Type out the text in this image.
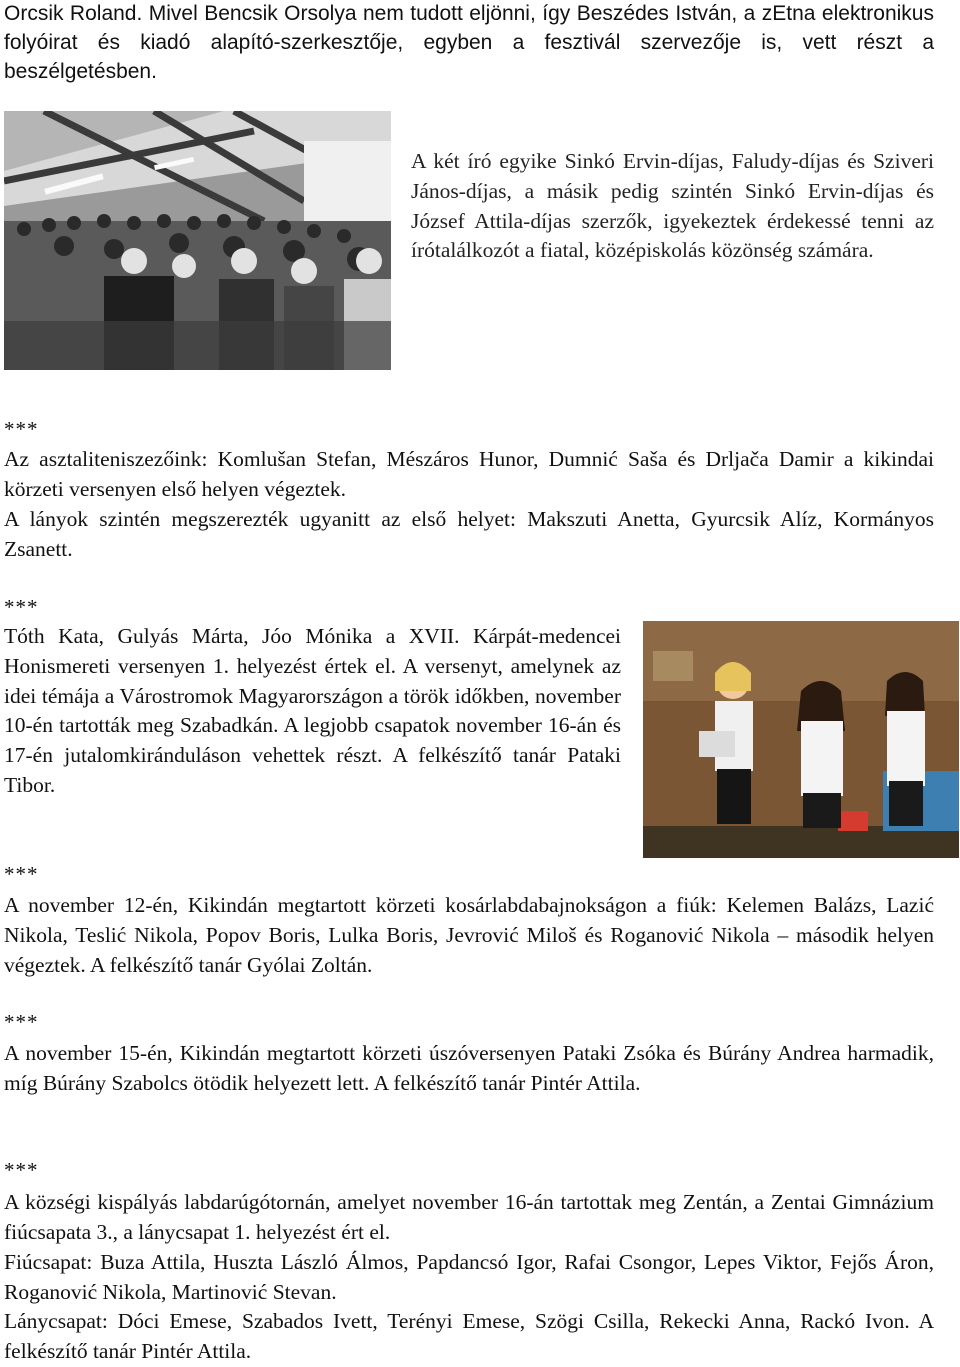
Orcsik Roland. Mivel Bencsik Orsolya nem tudott eljönni, így Beszédes István, a zEtna elektronikus folyóirat és kiadó alapító-szerkesztője, egyben a fesztivál szervezője is, vett részt a beszélgetésben.

A két író egyike Sinkó Ervin-díjas, Faludy-díjas és Sziveri János-díjas, a másik pedig szintén Sinkó Ervin-díjas és József Attila-díjas szerzők, igyekeztek érdekessé tenni az írótalálkozót a fiatal, középiskolás közönség számára.

***

Az asztaliteniszezőink: Komlušan Stefan, Mészáros Hunor, Dumnić Saša és Drljača Damir a kikindai körzeti versenyen első helyen végeztek.

A lányok szintén megszerezték ugyanitt az első helyet: Makszuti Anetta, Gyurcsik Alíz, Kormányos Zsanett.

***

Tóth Kata, Gulyás Márta, Jóo Mónika a XVII. Kárpát-medencei Honismereti versenyen 1. helyezést értek el. A versenyt, amelynek az idei témája a Várostromok Magyarországon a török időkben, november 10-én tartották meg Szabadkán. A legjobb csapatok november 16-án és 17-én jutalomkiránduláson vehettek részt. A felkészítő tanár Pataki Tibor.

***

A november 12-én, Kikindán megtartott körzeti kosárlabdabajnokságon a fiúk: Kelemen Balázs, Lazić Nikola, Teslić Nikola, Popov Boris, Lulka Boris, Jevrović Miloš és Roganović Nikola – második helyen végeztek. A felkészítő tanár Gyólai Zoltán.

***

A november 15-én, Kikindán megtartott körzeti úszóversenyen Pataki Zsóka és Búrány Andrea harmadik, míg Búrány Szabolcs ötödik helyezett lett. A felkészítő tanár Pintér Attila.

***

A községi kispályás labdarúgótornán, amelyet november 16-án tartottak meg Zentán, a Zentai Gimnázium fiúcsapata 3., a lánycsapat 1. helyezést ért el.

Fiúcsapat: Buza Attila, Huszta László Álmos, Papdancsó Igor, Rafai Csongor, Lepes Viktor, Fejős Áron, Roganović Nikola, Martinović Stevan.

Lánycsapat: Dóci Emese, Szabados Ivett, Terényi Emese, Szögi Csilla, Rekecki Anna, Rackó Ivon. A felkészítő tanár Pintér Attila.
